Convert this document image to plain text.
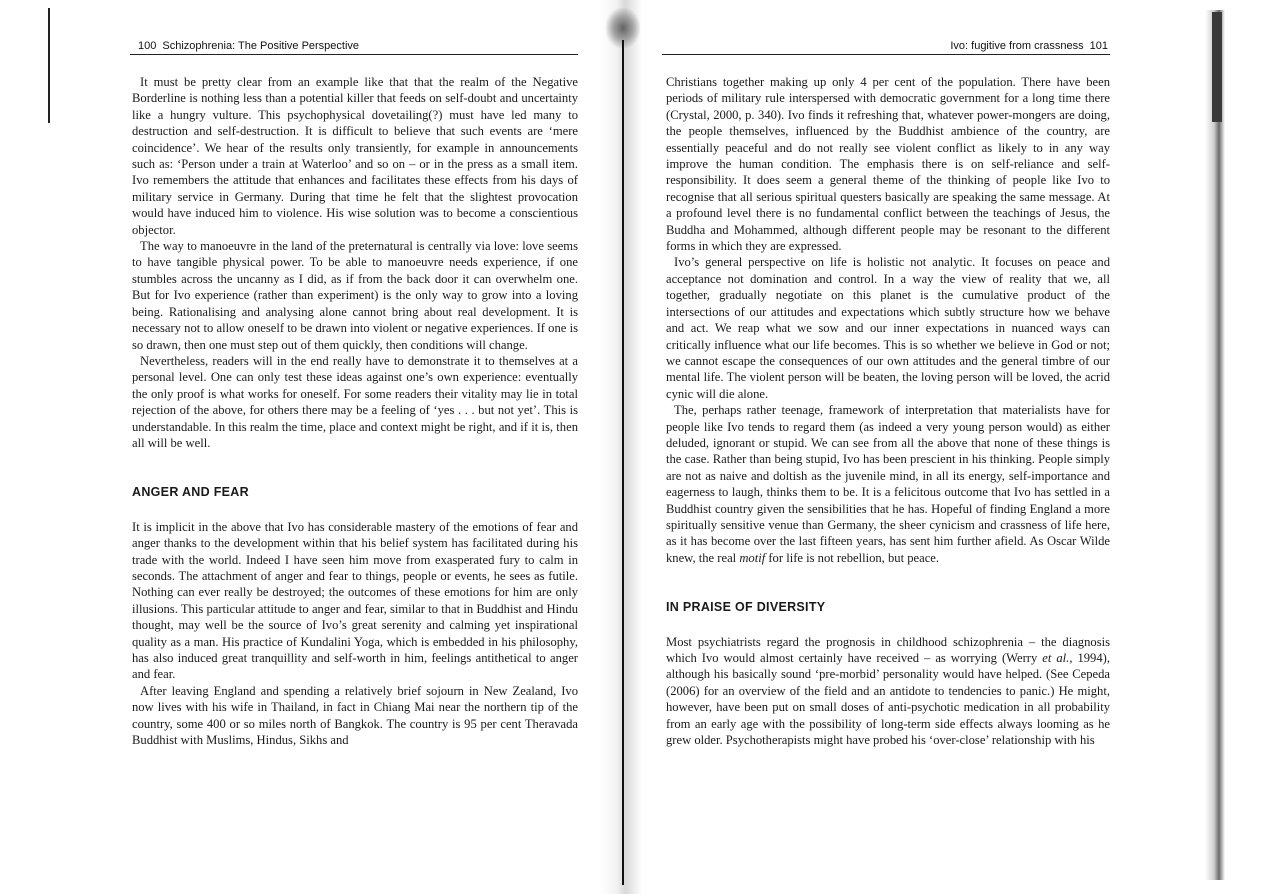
100 Schizophrenia: The Positive Perspective

It must be pretty clear from an example like that that the realm of the Negative Borderline is nothing less than a potential killer that feeds on self-doubt and uncertainty like a hungry vulture. This psychophysical dovetailing(?) must have led many to destruction and self-destruction. It is difficult to believe that such events are ‘mere coincidence’. We hear of the results only transiently, for example in announcements such as: ‘Person under a train at Waterloo’ and so on – or in the press as a small item. Ivo remembers the attitude that enhances and facilitates these effects from his days of military service in Germany. During that time he felt that the slightest provocation would have induced him to violence. His wise solution was to become a conscientious objector.

The way to manoeuvre in the land of the preternatural is centrally via love: love seems to have tangible physical power. To be able to manoeuvre needs experience, if one stumbles across the uncanny as I did, as if from the back door it can overwhelm one. But for Ivo experience (rather than experiment) is the only way to grow into a loving being. Rationalising and analysing alone cannot bring about real development. It is necessary not to allow oneself to be drawn into violent or negative experiences. If one is so drawn, then one must step out of them quickly, then conditions will change.

Nevertheless, readers will in the end really have to demonstrate it to themselves at a personal level. One can only test these ideas against one’s own experience: eventually the only proof is what works for oneself. For some readers their vitality may lie in total rejection of the above, for others there may be a feeling of ‘yes . . . but not yet’. This is understandable. In this realm the time, place and context might be right, and if it is, then all will be well.

ANGER AND FEAR

It is implicit in the above that Ivo has considerable mastery of the emotions of fear and anger thanks to the development within that his belief system has facilitated during his trade with the world. Indeed I have seen him move from exasperated fury to calm in seconds. The attachment of anger and fear to things, people or events, he sees as futile. Nothing can ever really be destroyed; the outcomes of these emotions for him are only illusions. This particular attitude to anger and fear, similar to that in Buddhist and Hindu thought, may well be the source of Ivo’s great serenity and calming yet inspirational quality as a man. His practice of Kundalini Yoga, which is embedded in his philosophy, has also induced great tranquillity and self-worth in him, feelings antithetical to anger and fear.

After leaving England and spending a relatively brief sojourn in New Zealand, Ivo now lives with his wife in Thailand, in fact in Chiang Mai near the northern tip of the country, some 400 or so miles north of Bangkok. The country is 95 per cent Theravada Buddhist with Muslims, Hindus, Sikhs and

Ivo: fugitive from crassness 101

Christians together making up only 4 per cent of the population. There have been periods of military rule interspersed with democratic government for a long time there (Crystal, 2000, p. 340). Ivo finds it refreshing that, whatever power-mongers are doing, the people themselves, influenced by the Buddhist ambience of the country, are essentially peaceful and do not really see violent conflict as likely to in any way improve the human condition. The emphasis there is on self-reliance and self-responsibility. It does seem a general theme of the thinking of people like Ivo to recognise that all serious spiritual questers basically are speaking the same message. At a profound level there is no fundamental conflict between the teachings of Jesus, the Buddha and Mohammed, although different people may be resonant to the different forms in which they are expressed.

Ivo’s general perspective on life is holistic not analytic. It focuses on peace and acceptance not domination and control. In a way the view of reality that we, all together, gradually negotiate on this planet is the cumulative product of the intersections of our attitudes and expectations which subtly structure how we behave and act. We reap what we sow and our inner expectations in nuanced ways can critically influence what our life becomes. This is so whether we believe in God or not; we cannot escape the consequences of our own attitudes and the general timbre of our mental life. The violent person will be beaten, the loving person will be loved, the acrid cynic will die alone.

The, perhaps rather teenage, framework of interpretation that materialists have for people like Ivo tends to regard them (as indeed a very young person would) as either deluded, ignorant or stupid. We can see from all the above that none of these things is the case. Rather than being stupid, Ivo has been prescient in his thinking. People simply are not as naive and doltish as the juvenile mind, in all its energy, self-importance and eagerness to laugh, thinks them to be. It is a felicitous outcome that Ivo has settled in a Buddhist country given the sensibilities that he has. Hopeful of finding England a more spiritually sensitive venue than Germany, the sheer cynicism and crassness of life here, as it has become over the last fifteen years, has sent him further afield. As Oscar Wilde knew, the real motif for life is not rebellion, but peace.

IN PRAISE OF DIVERSITY

Most psychiatrists regard the prognosis in childhood schizophrenia – the diagnosis which Ivo would almost certainly have received – as worrying (Werry et al., 1994), although his basically sound ‘pre-morbid’ personality would have helped. (See Cepeda (2006) for an overview of the field and an antidote to tendencies to panic.) He might, however, have been put on small doses of anti-psychotic medication in all probability from an early age with the possibility of long-term side effects always looming as he grew older. Psychotherapists might have probed his ‘over-close’ relationship with his
